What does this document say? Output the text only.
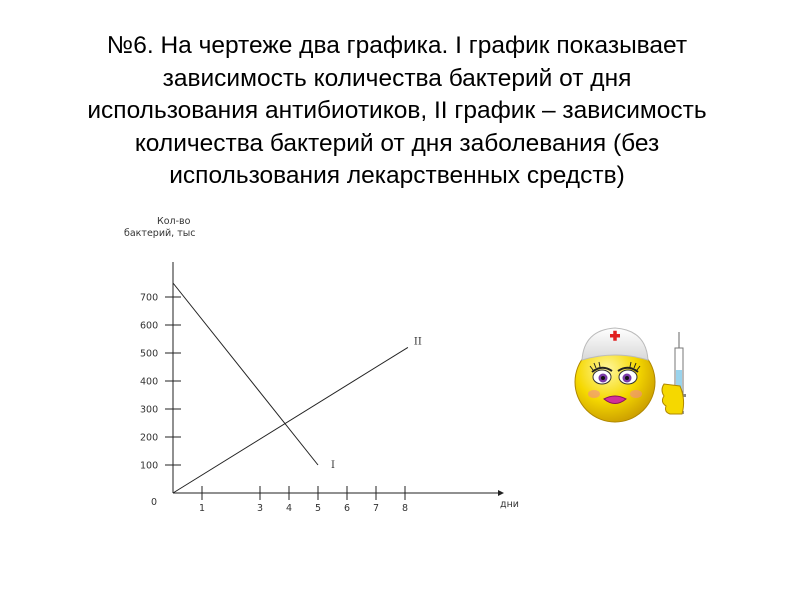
№6. На чертеже два графика. I график показывает
зависимость количества бактерий от дня
использования антибиотиков, II график – зависимость
количества бактерий от дня заболевания (без
использования лекарственных средств)
100
200
300
400
500
600
700
1	3 4 5 6 7 8
I
II
Кол-во
бактерий, тыс
дни
0
